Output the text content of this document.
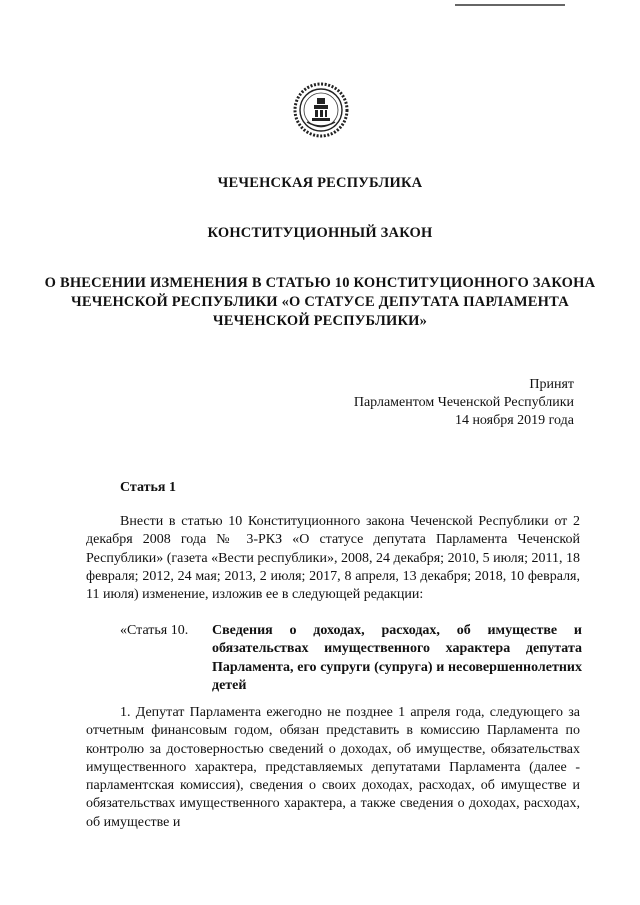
ЧЕЧЕНСКАЯ РЕСПУБЛИКА
КОНСТИТУЦИОННЫЙ ЗАКОН
О ВНЕСЕНИИ ИЗМЕНЕНИЯ В СТАТЬЮ 10 КОНСТИТУЦИОННОГО ЗАКОНА ЧЕЧЕНСКОЙ РЕСПУБЛИКИ «О СТАТУСЕ ДЕПУТАТА ПАРЛАМЕНТА ЧЕЧЕНСКОЙ РЕСПУБЛИКИ»
Принят
Парламентом Чеченской Республики
14 ноября 2019 года
Статья 1
Внести в статью 10 Конституционного закона Чеченской Республики от 2 декабря 2008 года № 3-РКЗ «О статусе депутата Парламента Чеченской Республики» (газета «Вести республики», 2008, 24 декабря; 2010, 5 июля; 2011, 18 февраля; 2012, 24 мая; 2013, 2 июля; 2017, 8 апреля, 13 декабря; 2018, 10 февраля, 11 июля) изменение, изложив ее в следующей редакции:
«Статья 10.	Сведения о доходах, расходах, об имуществе и обязательствах имущественного характера депутата Парламента, его супруги (супруга) и несовершеннолетних детей
1. Депутат Парламента ежегодно не позднее 1 апреля года, следующего за отчетным финансовым годом, обязан представить в комиссию Парламента по контролю за достоверностью сведений о доходах, об имуществе, обязательствах имущественного характера, представляемых депутатами Парламента (далее - парламентская комиссия), сведения о своих доходах, расходах, об имуществе и обязательствах имущественного характера, а также сведения о доходах, расходах, об имуществе и
